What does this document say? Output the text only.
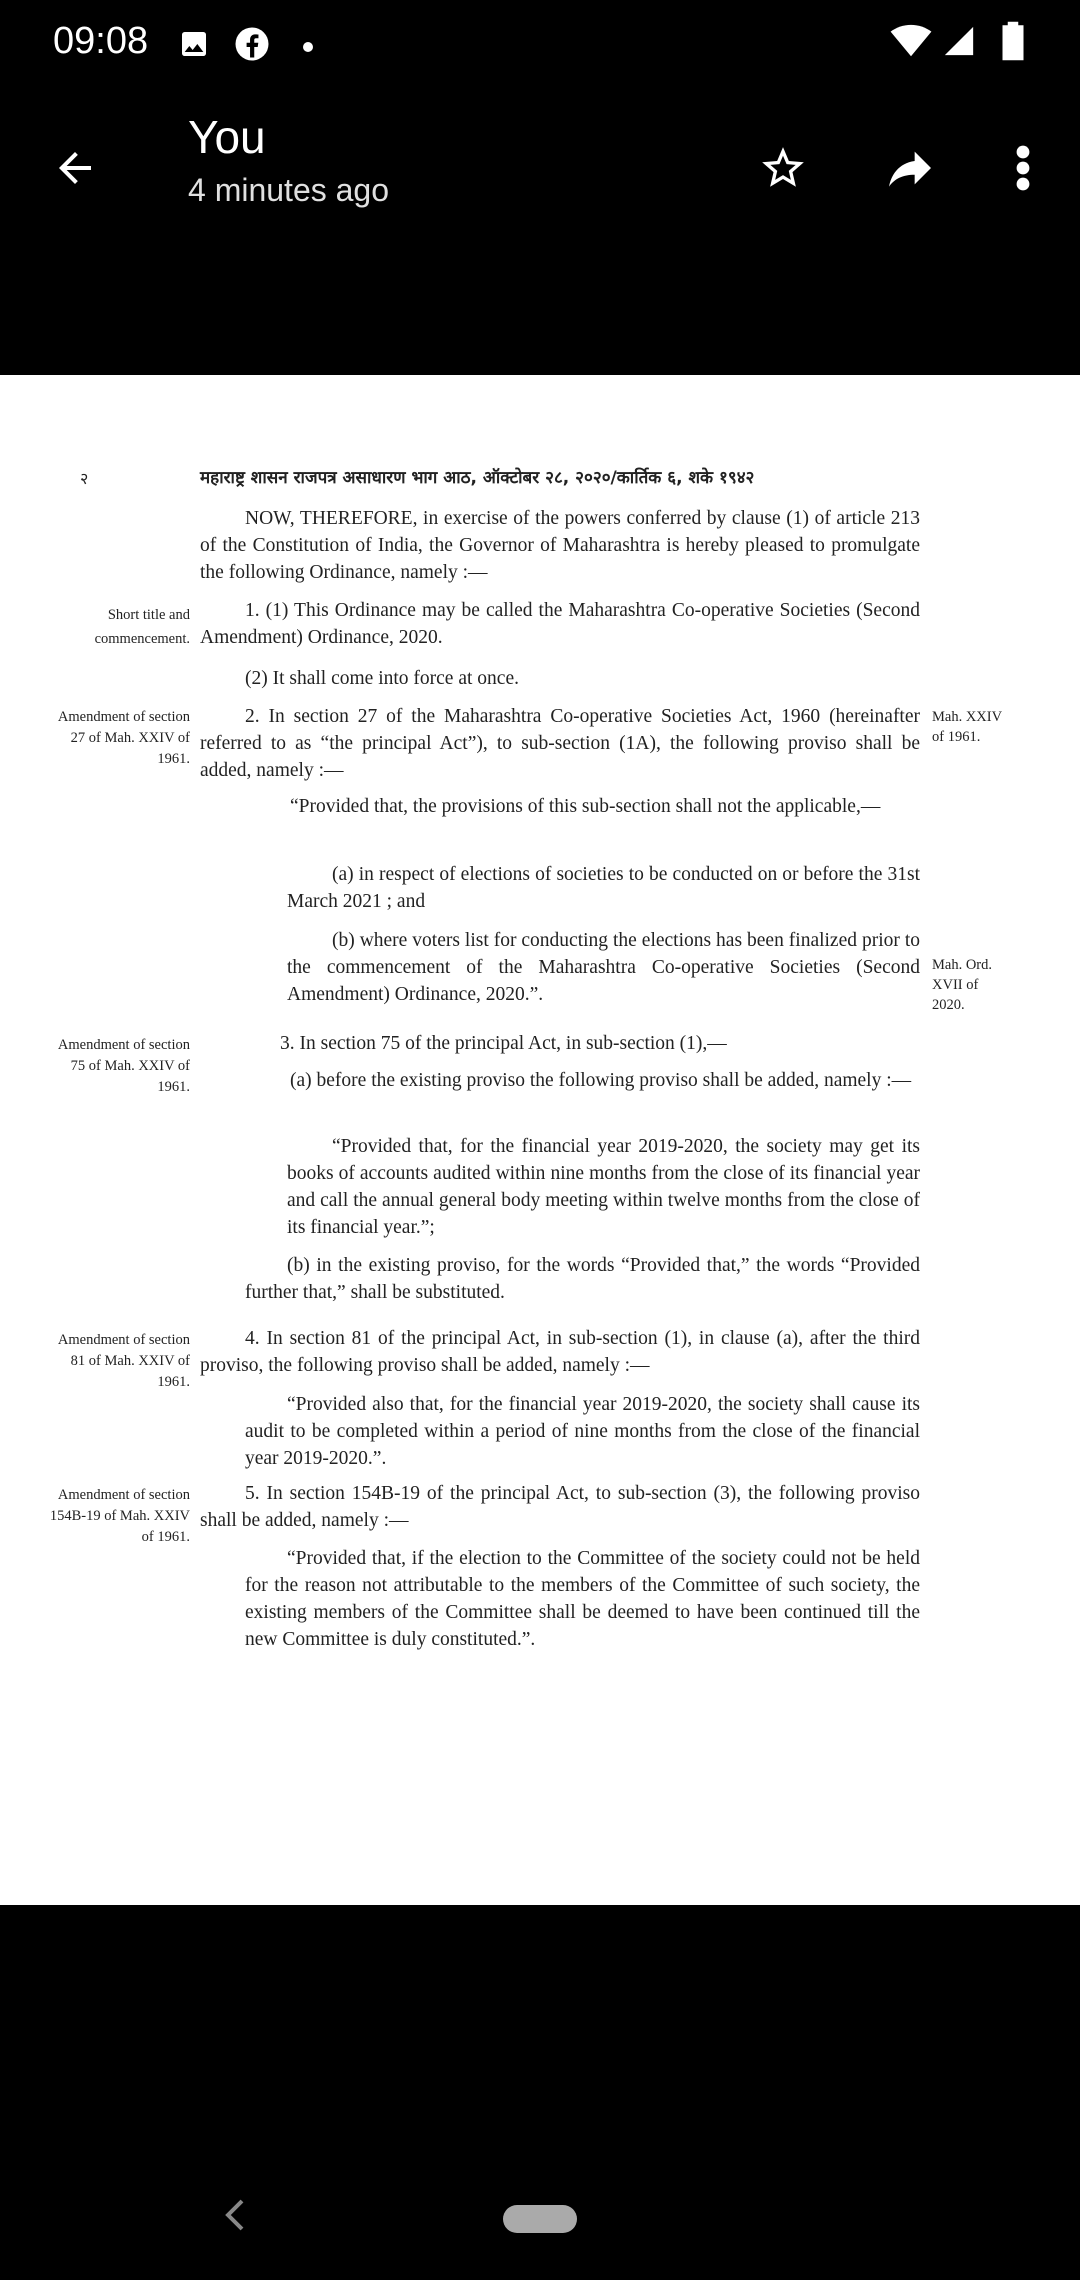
09:08
You
4 minutes ago
२	महाराष्ट्र शासन राजपत्र असाधारण भाग आठ, ऑक्टोबर २८, २०२०/कार्तिक ६, शके १९४२
NOW, THEREFORE, in exercise of the powers conferred by clause (1) of article 213 of the Constitution of India, the Governor of Maharashtra is hereby pleased to promulgate the following Ordinance, namely :—
Short title and commencement.
1. (1) This Ordinance may be called the Maharashtra Co-operative Societies (Second Amendment) Ordinance, 2020.
(2) It shall come into force at once.
Amendment of section 27 of Mah. XXIV of 1961.
Mah. XXIV of 1961.
2. In section 27 of the Maharashtra Co-operative Societies Act, 1960 (hereinafter referred to as “the principal Act”), to sub-section (1A), the following proviso shall be added, namely :—
“Provided that, the provisions of this sub-section shall not the applicable,—
(a) in respect of elections of societies to be conducted on or before the 31st March 2021 ; and
(b) where voters list for conducting the elections has been finalized prior to the commencement of the Maharashtra Co-operative Societies (Second Amendment) Ordinance, 2020.”.
Mah. Ord. XVII of 2020.
Amendment of section 75 of Mah. XXIV of 1961.
3. In section 75 of the principal Act, in sub-section (1),—
(a) before the existing proviso the following proviso shall be added, namely :—
“Provided that, for the financial year 2019-2020, the society may get its books of accounts audited within nine months from the close of its financial year and call the annual general body meeting within twelve months from the close of its financial year.”;
(b) in the existing proviso, for the words “Provided that,” the words “Provided further that,” shall be substituted.
Amendment of section 81 of Mah. XXIV of 1961.
4. In section 81 of the principal Act, in sub-section (1), in clause (a), after the third proviso, the following proviso shall be added, namely :—
“Provided also that, for the financial year 2019-2020, the society shall cause its audit to be completed within a period of nine months from the close of the financial year 2019-2020.”.
Amendment of section 154B-19 of Mah. XXIV of 1961.
5. In section 154B-19 of the principal Act, to sub-section (3), the following proviso shall be added, namely :—
“Provided that, if the election to the Committee of the society could not be held for the reason not attributable to the members of the Committee of such society, the existing members of the Committee shall be deemed to have been continued till the new Committee is duly constituted.”.
